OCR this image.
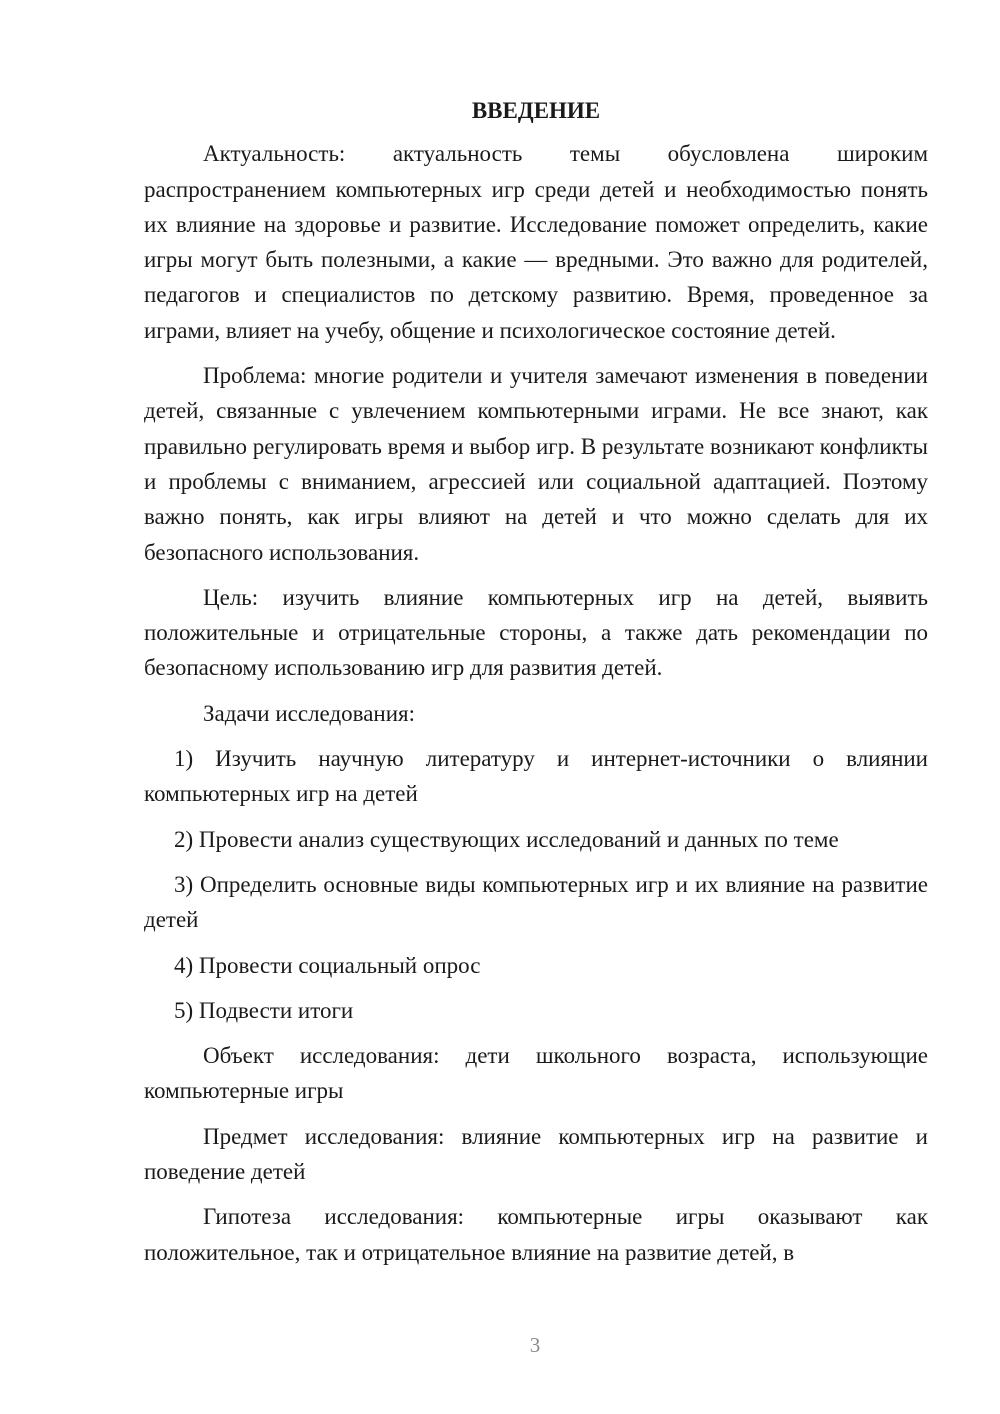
ВВЕДЕНИЕ

Актуальность: актуальность темы обусловлена широким распространением компьютерных игр среди детей и необходимостью понять их влияние на здоровье и развитие. Исследование поможет определить, какие игры могут быть полезными, а какие — вредными. Это важно для родителей, педагогов и специалистов по детскому развитию. Время, проведенное за играми, влияет на учебу, общение и психологическое состояние детей.

Проблема: многие родители и учителя замечают изменения в поведении детей, связанные с увлечением компьютерными играми. Не все знают, как правильно регулировать время и выбор игр. В результате возникают конфликты и проблемы с вниманием, агрессией или социальной адаптацией. Поэтому важно понять, как игры влияют на детей и что можно сделать для их безопасного использования.

Цель: изучить влияние компьютерных игр на детей, выявить положительные и отрицательные стороны, а также дать рекомендации по безопасному использованию игр для развития детей.

Задачи исследования:

1) Изучить научную литературу и интернет-источники о влиянии компьютерных игр на детей

2) Провести анализ существующих исследований и данных по теме

3) Определить основные виды компьютерных игр и их влияние на развитие детей

4) Провести социальный опрос

5) Подвести итоги

Объект исследования: дети школьного возраста, использующие компьютерные игры

Предмет исследования: влияние компьютерных игр на развитие и поведение детей

Гипотеза исследования: компьютерные игры оказывают как положительное, так и отрицательное влияние на развитие детей, в

3
